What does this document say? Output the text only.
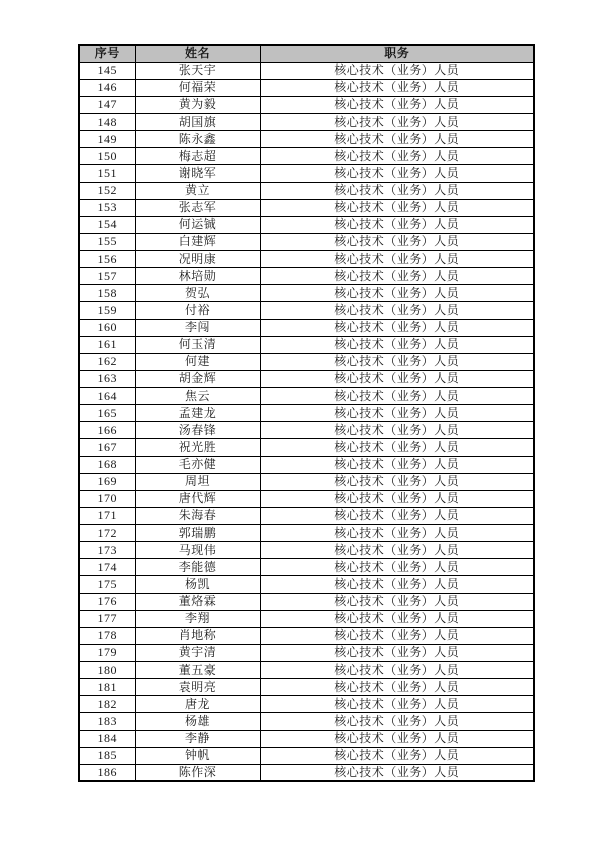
序号	姓名	职务
145	张天宇	核心技术（业务）人员
146	何福荣	核心技术（业务）人员
147	黄为毅	核心技术（业务）人员
148	胡国旗	核心技术（业务）人员
149	陈永鑫	核心技术（业务）人员
150	梅志超	核心技术（业务）人员
151	谢晓军	核心技术（业务）人员
152	黄立	核心技术（业务）人员
153	张志军	核心技术（业务）人员
154	何运铖	核心技术（业务）人员
155	白建辉	核心技术（业务）人员
156	况明康	核心技术（业务）人员
157	林培勋	核心技术（业务）人员
158	贺弘	核心技术（业务）人员
159	付裕	核心技术（业务）人员
160	李闯	核心技术（业务）人员
161	何玉清	核心技术（业务）人员
162	何建	核心技术（业务）人员
163	胡金辉	核心技术（业务）人员
164	焦云	核心技术（业务）人员
165	孟建龙	核心技术（业务）人员
166	汤春锋	核心技术（业务）人员
167	祝光胜	核心技术（业务）人员
168	毛亦健	核心技术（业务）人员
169	周坦	核心技术（业务）人员
170	唐代辉	核心技术（业务）人员
171	朱海春	核心技术（业务）人员
172	郭瑞鹏	核心技术（业务）人员
173	马现伟	核心技术（业务）人员
174	李能德	核心技术（业务）人员
175	杨凯	核心技术（业务）人员
176	董烙霖	核心技术（业务）人员
177	李翔	核心技术（业务）人员
178	肖地称	核心技术（业务）人员
179	黄宇清	核心技术（业务）人员
180	董五豪	核心技术（业务）人员
181	袁明亮	核心技术（业务）人员
182	唐龙	核心技术（业务）人员
183	杨雄	核心技术（业务）人员
184	李静	核心技术（业务）人员
185	钟帆	核心技术（业务）人员
186	陈作深	核心技术（业务）人员
